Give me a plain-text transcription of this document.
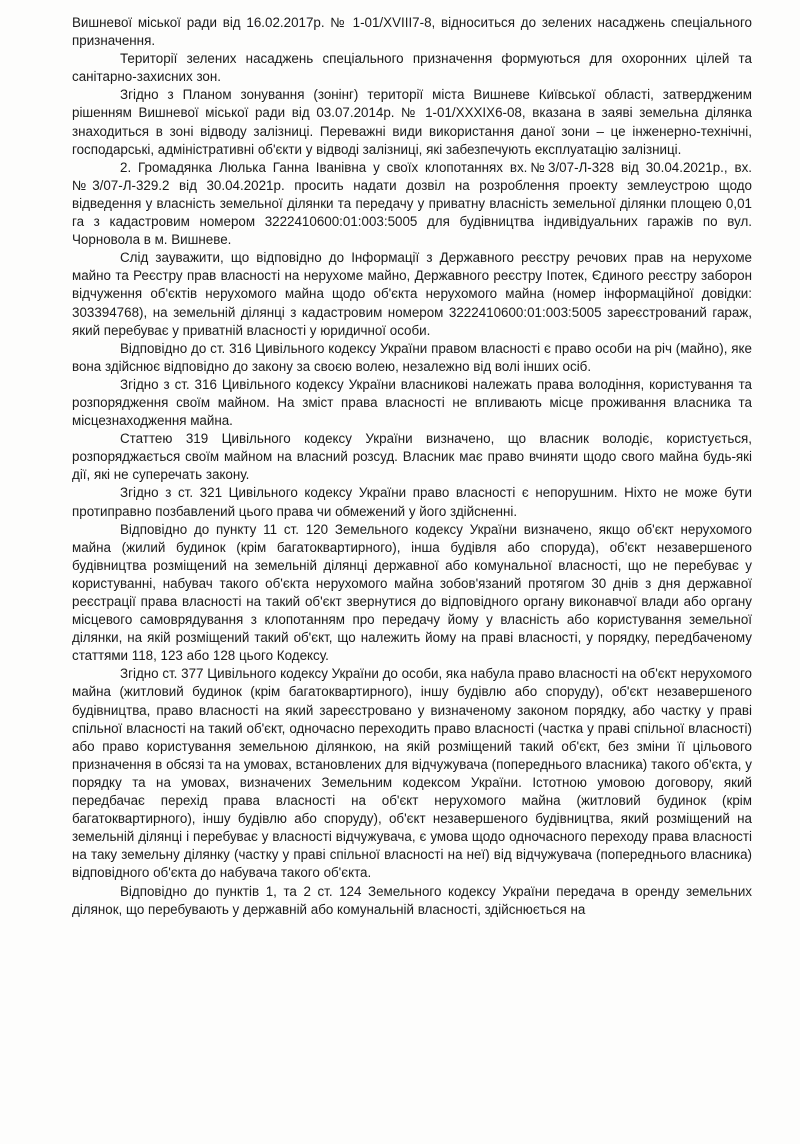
Вишневої міської ради від 16.02.2017р. № 1-01/XVIII7-8, відноситься до зелених насаджень спеціального призначення.

Території зелених насаджень спеціального призначення формуються для охоронних цілей та санітарно-захисних зон.

Згідно з Планом зонування (зонінг) території міста Вишневе Київської області, затвердженим рішенням Вишневої міської ради від 03.07.2014р. № 1-01/XXXIX6-08, вказана в заяві земельна ділянка знаходиться в зоні відводу залізниці. Переважні види використання даної зони – це інженерно-технічні, господарські, адміністративні об'єкти у відводі залізниці, які забезпечують експлуатацію залізниці.

2. Громадянка Люлька Ганна Іванівна у своїх клопотаннях вх.№3/07-Л-328 від 30.04.2021р., вх.№3/07-Л-329.2 від 30.04.2021р. просить надати дозвіл на розроблення проекту землеустрою щодо відведення у власність земельної ділянки та передачу у приватну власність земельної ділянки площею 0,01 га з кадастровим номером 3222410600:01:003:5005 для будівництва індивідуальних гаражів по вул. Чорновола в м. Вишневе.

Слід зауважити, що відповідно до Інформації з Державного реєстру речових прав на нерухоме майно та Реєстру прав власності на нерухоме майно, Державного реєстру Іпотек, Єдиного реєстру заборон відчуження об'єктів нерухомого майна щодо об'єкта нерухомого майна (номер інформаційної довідки: 303394768), на земельній ділянці з кадастровим номером 3222410600:01:003:5005 зареєстрований гараж, який перебуває у приватній власності у юридичної особи.

Відповідно до ст. 316 Цивільного кодексу України правом власності є право особи на річ (майно), яке вона здійснює відповідно до закону за своєю волею, незалежно від волі інших осіб.

Згідно з ст. 316 Цивільного кодексу України власникові належать права володіння, користування та розпорядження своїм майном. На зміст права власності не впливають місце проживання власника та місцезнаходження майна.

Статтею 319 Цивільного кодексу України визначено, що власник володіє, користується, розпоряджається своїм майном на власний розсуд. Власник має право вчиняти щодо свого майна будь-які дії, які не суперечать закону.

Згідно з ст. 321 Цивільного кодексу України право власності є непорушним. Ніхто не може бути протиправно позбавлений цього права чи обмежений у його здійсненні.

Відповідно до пункту 11 ст. 120 Земельного кодексу України визначено, якщо об'єкт нерухомого майна (жилий будинок (крім багатоквартирного), інша будівля або споруда), об'єкт незавершеного будівництва розміщений на земельній ділянці державної або комунальної власності, що не перебуває у користуванні, набувач такого об'єкта нерухомого майна зобов'язаний протягом 30 днів з дня державної реєстрації права власності на такий об'єкт звернутися до відповідного органу виконавчої влади або органу місцевого самоврядування з клопотанням про передачу йому у власність або користування земельної ділянки, на якій розміщений такий об'єкт, що належить йому на праві власності, у порядку, передбаченому статтями 118, 123 або 128 цього Кодексу.

Згідно ст. 377 Цивільного кодексу України до особи, яка набула право власності на об'єкт нерухомого майна (житловий будинок (крім багатоквартирного), іншу будівлю або споруду), об'єкт незавершеного будівництва, право власності на який зареєстровано у визначеному законом порядку, або частку у праві спільної власності на такий об'єкт, одночасно переходить право власності (частка у праві спільної власності) або право користування земельною ділянкою, на якій розміщений такий об'єкт, без зміни її цільового призначення в обсязі та на умовах, встановлених для відчужувача (попереднього власника) такого об'єкта, у порядку та на умовах, визначених Земельним кодексом України. Істотною умовою договору, який передбачає перехід права власності на об'єкт нерухомого майна (житловий будинок (крім багатоквартирного), іншу будівлю або споруду), об'єкт незавершеного будівництва, який розміщений на земельній ділянці і перебуває у власності відчужувача, є умова щодо одночасного переходу права власності на таку земельну ділянку (частку у праві спільної власності на неї) від відчужувача (попереднього власника) відповідного об'єкта до набувача такого об'єкта.

Відповідно до пунктів 1, та 2 ст. 124 Земельного кодексу України передача в оренду земельних ділянок, що перебувають у державній або комунальній власності, здійснюється на
